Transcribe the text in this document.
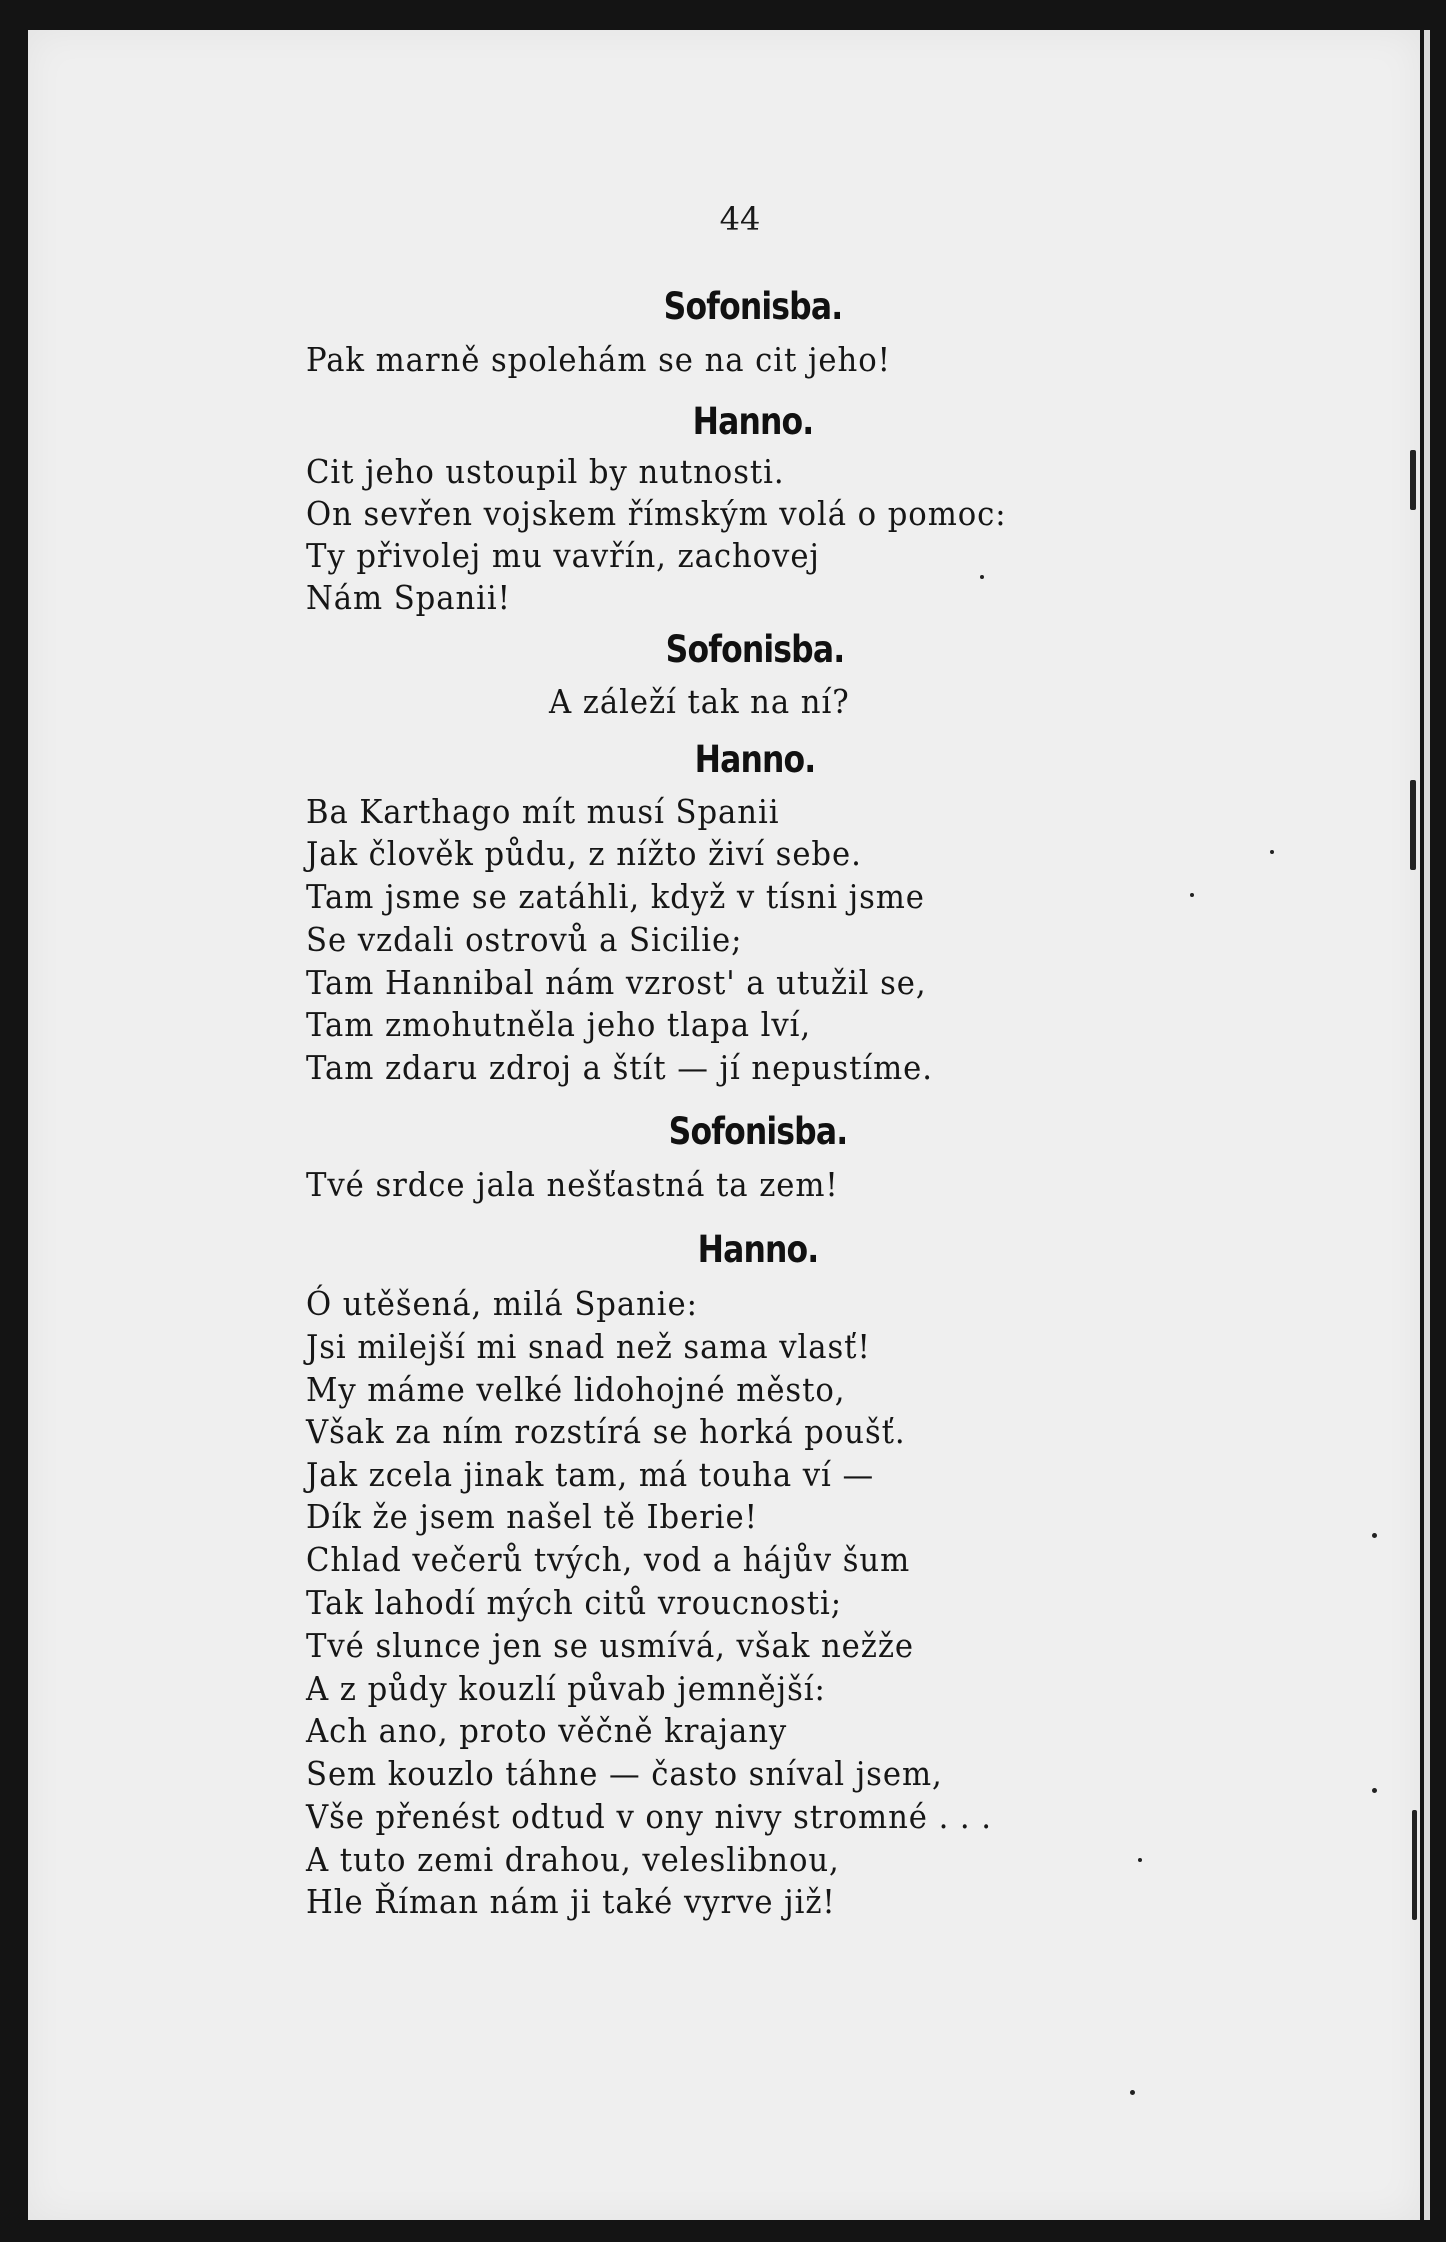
44
Sofonisba.
Pak marně spolehám se na cit jeho!
Hanno.
Cit jeho ustoupil by nutnosti.
On sevřen vojskem římským volá o pomoc:
Ty přivolej mu vavřín, zachovej
Nám Spanii!
Sofonisba.
A záleží tak na ní?
Hanno.
Ba Karthago mít musí Spanii
Jak člověk půdu, z nížto živí sebe.
Tam jsme se zatáhli, když v tísni jsme
Se vzdali ostrovů a Sicilie;
Tam Hannibal nám vzrost' a utužil se,
Tam zmohutněla jeho tlapa lví,
Tam zdaru zdroj a štít — jí nepustíme.
Sofonisba.
Tvé srdce jala nešťastná ta zem!
Hanno.
Ó utěšená, milá Spanie:
Jsi milejší mi snad než sama vlasť!
My máme velké lidohojné město,
Však za ním rozstírá se horká poušť.
Jak zcela jinak tam, má touha ví —
Dík že jsem našel tě Iberie!
Chlad večerů tvých, vod a hájův šum
Tak lahodí mých citů vroucnosti;
Tvé slunce jen se usmívá, však nežže
A z půdy kouzlí půvab jemnější:
Ach ano, proto věčně krajany
Sem kouzlo táhne — často sníval jsem,
Vše přenést odtud v ony nivy stromné . . .
A tuto zemi drahou, veleslibnou,
Hle Říman nám ji také vyrve již!
